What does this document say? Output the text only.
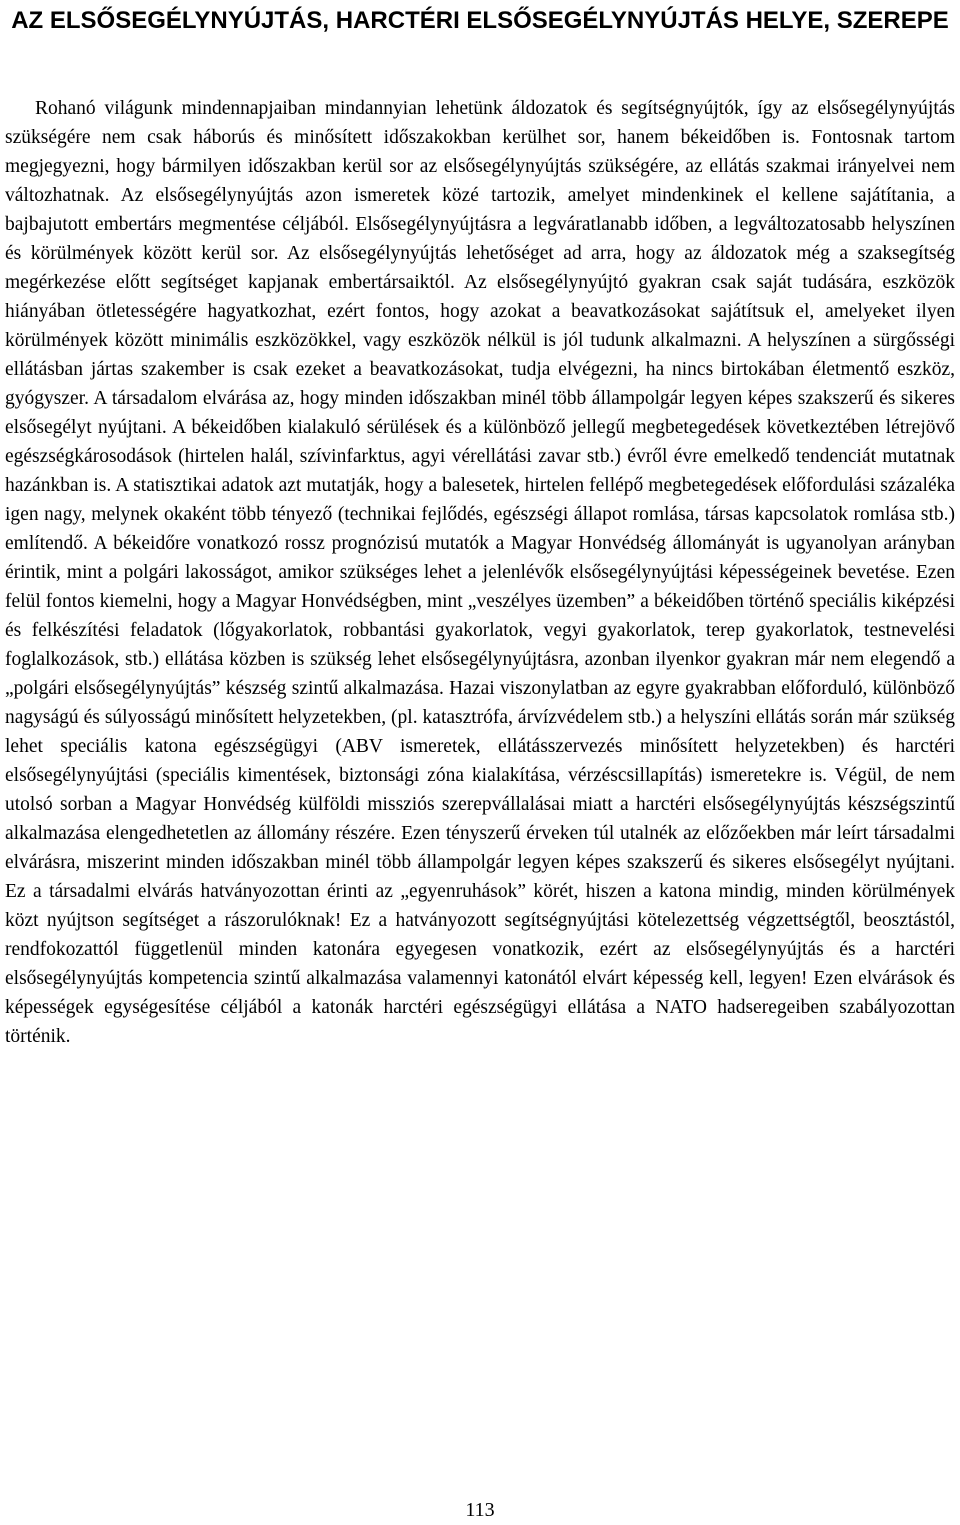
AZ ELSŐSEGÉLYNYÚJTÁS, HARCTÉRI ELSŐSEGÉLYNYÚJTÁS HELYE, SZEREPE

Rohanó világunk mindennapjaiban mindannyian lehetünk áldozatok és segítségnyújtók, így az elsősegélynyújtás szükségére nem csak háborús és minősített időszakokban kerülhet sor, hanem békeidőben is. Fontosnak tartom megjegyezni, hogy bármilyen időszakban kerül sor az elsősegélynyújtás szükségére, az ellátás szakmai irányelvei nem változhatnak. Az elsősegélynyújtás azon ismeretek közé tartozik, amelyet mindenkinek el kellene sajátítania, a bajbajutott embertárs megmentése céljából. Elsősegélynyújtásra a legváratlanabb időben, a legváltozatosabb helyszínen és körülmények között kerül sor. Az elsősegélynyújtás lehetőséget ad arra, hogy az áldozatok még a szaksegítség megérkezése előtt segítséget kapjanak embertársaiktól. Az elsősegélynyújtó gyakran csak saját tudására, eszközök hiányában ötletességére hagyatkozhat, ezért fontos, hogy azokat a beavatkozásokat sajátítsuk el, amelyeket ilyen körülmények között minimális eszközökkel, vagy eszközök nélkül is jól tudunk alkalmazni. A helyszínen a sürgősségi ellátásban jártas szakember is csak ezeket a beavatkozásokat, tudja elvégezni, ha nincs birtokában életmentő eszköz, gyógyszer. A társadalom elvárása az, hogy minden időszakban minél több állampolgár legyen képes szakszerű és sikeres elsősegélyt nyújtani. A békeidőben kialakuló sérülések és a különböző jellegű megbetegedések következtében létrejövő egészségkárosodások (hirtelen halál, szívinfarktus, agyi vérellátási zavar stb.) évről évre emelkedő tendenciát mutatnak hazánkban is. A statisztikai adatok azt mutatják, hogy a balesetek, hirtelen fellépő megbetegedések előfordulási százaléka igen nagy, melynek okaként több tényező (technikai fejlődés, egészségi állapot romlása, társas kapcsolatok romlása stb.) említendő. A békeidőre vonatkozó rossz prognózisú mutatók a Magyar Honvédség állományát is ugyanolyan arányban érintik, mint a polgári lakosságot, amikor szükséges lehet a jelenlévők elsősegélynyújtási képességeinek bevetése. Ezen felül fontos kiemelni, hogy a Magyar Honvédségben, mint „veszélyes üzemben” a békeidőben történő speciális kiképzési és felkészítési feladatok (lőgyakorlatok, robbantási gyakorlatok, vegyi gyakorlatok, terep gyakorlatok, testnevelési foglalkozások, stb.) ellátása közben is szükség lehet elsősegélynyújtásra, azonban ilyenkor gyakran már nem elegendő a „polgári elsősegélynyújtás” készség szintű alkalmazása. Hazai viszonylatban az egyre gyakrabban előforduló, különböző nagyságú és súlyosságú minősített helyzetekben, (pl. katasztrófa, árvízvédelem stb.) a helyszíni ellátás során már szükség lehet speciális katona egészségügyi (ABV ismeretek, ellátásszervezés minősített helyzetekben) és harctéri elsősegélynyújtási (speciális kimentések, biztonsági zóna kialakítása, vérzéscsillapítás) ismeretekre is. Végül, de nem utolsó sorban a Magyar Honvédség külföldi missziós szerepvállalásai miatt a harctéri elsősegélynyújtás készségszintű alkalmazása elengedhetetlen az állomány részére. Ezen tényszerű érveken túl utalnék az előzőekben már leírt társadalmi elvárásra, miszerint minden időszakban minél több állampolgár legyen képes szakszerű és sikeres elsősegélyt nyújtani. Ez a társadalmi elvárás hatványozottan érinti az „egyenruhások” körét, hiszen a katona mindig, minden körülmények közt nyújtson segítséget a rászorulóknak! Ez a hatványozott segítségnyújtási kötelezettség végzettségtől, beosztástól, rendfokozattól függetlenül minden katonára egyegesen vonatkozik, ezért az elsősegélynyújtás és a harctéri elsősegélynyújtás kompetencia szintű alkalmazása valamennyi katonától elvárt képesség kell, legyen! Ezen elvárások és képességek egységesítése céljából a katonák harctéri egészségügyi ellátása a NATO hadseregeiben szabályozottan történik.

113
